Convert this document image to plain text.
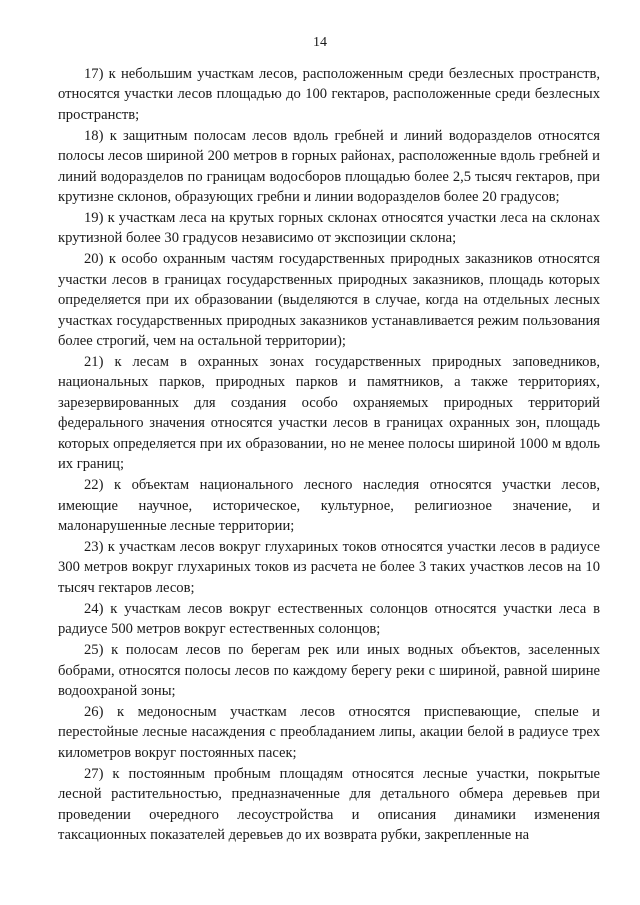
14

17) к небольшим участкам лесов, расположенным среди безлесных пространств, относятся участки лесов площадью до 100 гектаров, расположенные среди безлесных пространств;

18) к защитным полосам лесов вдоль гребней и линий водоразделов относятся полосы лесов шириной 200 метров в горных районах, расположенные вдоль гребней и линий водоразделов по границам водосборов площадью более 2,5 тысяч гектаров, при крутизне склонов, образующих гребни и линии водоразделов более 20 градусов;

19) к участкам леса на крутых горных склонах относятся участки леса на склонах крутизной более 30 градусов независимо от экспозиции склона;

20) к особо охранным частям государственных природных заказников относятся участки лесов в границах государственных природных заказников, площадь которых определяется при их образовании (выделяются в случае, когда на отдельных лесных участках государственных природных заказников устанавливается режим пользования более строгий, чем на остальной территории);

21) к лесам в охранных зонах государственных природных заповедников, национальных парков, природных парков и памятников, а также территориях, зарезервированных для создания особо охраняемых природных территорий федерального значения относятся участки лесов в границах охранных зон, площадь которых определяется при их образовании, но не менее полосы шириной 1000 м вдоль их границ;

22) к объектам национального лесного наследия относятся участки лесов, имеющие научное, историческое, культурное, религиозное значение, и малонарушенные лесные территории;

23) к участкам лесов вокруг глухариных токов относятся участки лесов в радиусе 300 метров вокруг глухариных токов из расчета не более 3 таких участков лесов на 10 тысяч гектаров лесов;

24) к участкам лесов вокруг естественных солонцов относятся участки леса в радиусе 500 метров вокруг естественных солонцов;

25) к полосам лесов по берегам рек или иных водных объектов, заселенных бобрами, относятся полосы лесов по каждому берегу реки с шириной, равной ширине водоохраной зоны;

26) к медоносным участкам лесов относятся приспевающие, спелые и перестойные лесные насаждения с преобладанием липы, акации белой в радиусе трех километров вокруг постоянных пасек;

27) к постоянным пробным площадям относятся лесные участки, покрытые лесной растительностью, предназначенные для детального обмера деревьев при проведении очередного лесоустройства и описания динамики изменения таксационных показателей деревьев до их возврата рубки, закрепленные на
